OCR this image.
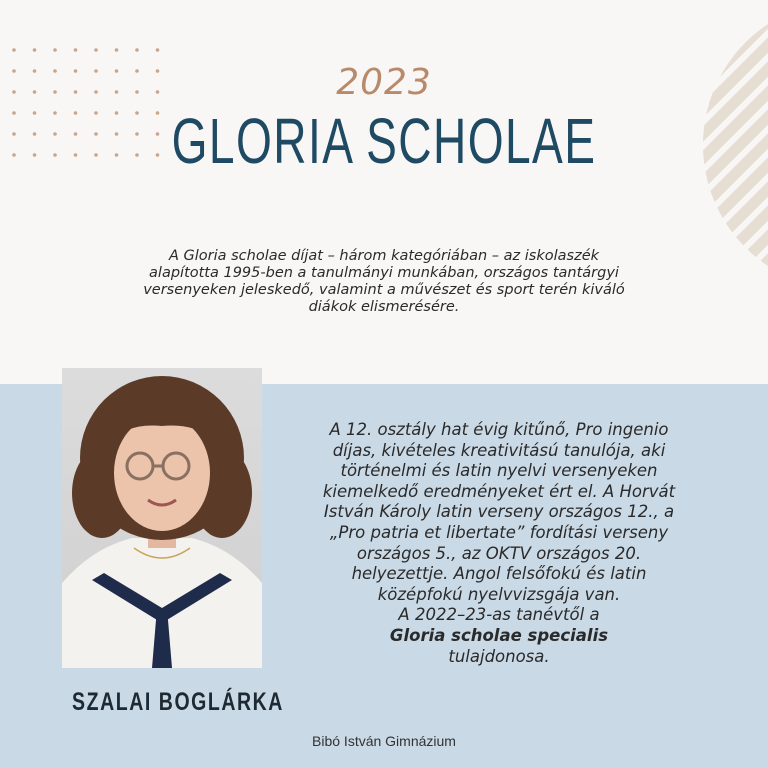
2023
GLORIA SCHOLAE
A Gloria scholae díjat – három kategóriában – az iskolaszék
alapította 1995-ben a tanulmányi munkában, országos tantárgyi
versenyeken jeleskedő, valamint a művészet és sport terén kiváló
diákok elismerésére.
A 12. osztály hat évig kitűnő, Pro ingenio
díjas, kivételes kreativitású tanulója, aki
történelmi és latin nyelvi versenyeken
kiemelkedő eredményeket ért el. A Horvát
István Károly latin verseny országos 12., a
„Pro patria et libertate” fordítási verseny
országos 5., az OKTV országos 20.
helyezettje. Angol felsőfokú és latin
középfokú nyelvvizsgája van.
A 2022–23-as tanévtől a
Gloria scholae specialis
tulajdonosa.
SZALAI BOGLÁRKA
Bibó István Gimnázium
